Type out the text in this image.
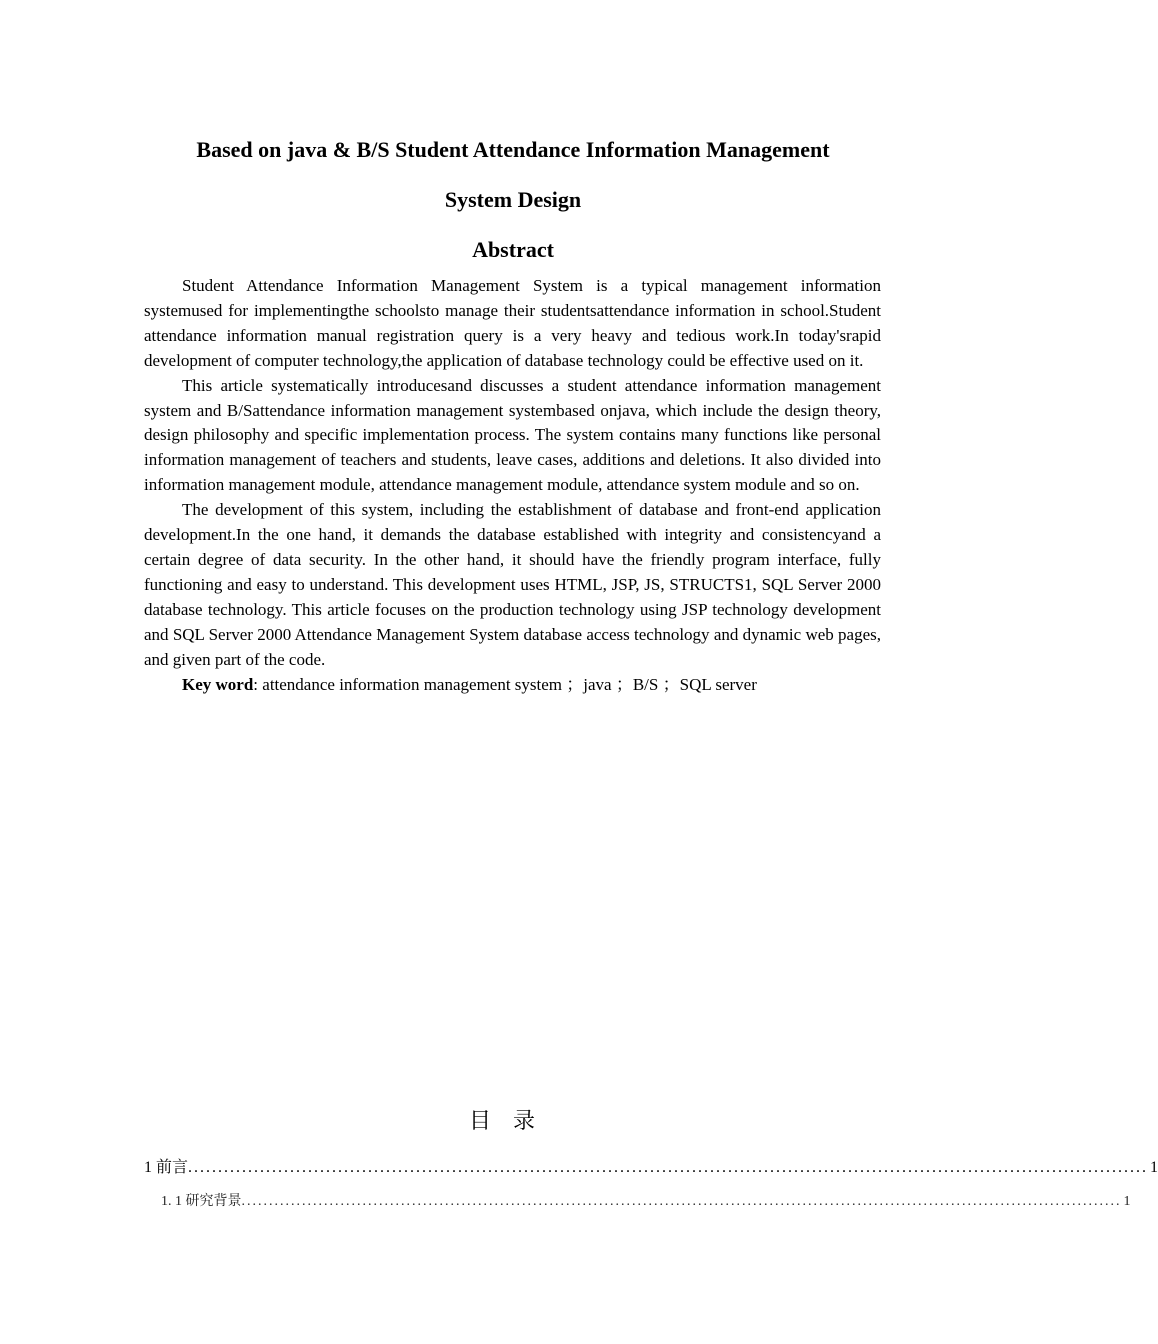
Based on java & B/S Student Attendance Information Management
System Design
Abstract

Student Attendance Information Management System is a typical management information systemused for implementingthe schoolsto manage their studentsattendance information in school.Student attendance information manual registration query is a very heavy and tedious work.In today'srapid development of computer technology,the application of database technology could be effective used on it.

This article systematically introducesand discusses a student attendance information management system and B/Sattendance information management systembased onjava, which include the design theory, design philosophy and specific implementation process. The system contains many functions like personal information management of teachers and students, leave cases, additions and deletions. It also divided into information management module, attendance management module, attendance system module and so on.

The development of this system, including the establishment of database and front-end application development.In the one hand, it demands the database established with integrity and consistencyand a certain degree of data security. In the other hand, it should have the friendly program interface, fully functioning and easy to understand. This development uses HTML, JSP, JS, STRUCTS1, SQL Server 2000 database technology. This article focuses on the production technology using JSP technology development and SQL Server 2000 Attendance Management System database access technology and dynamic web pages, and given part of the code.

Key word: attendance information management system ；java ；B/S ；SQL server

目录
1 前言 ................................................................................................................................................................ 1
1. 1 研究背景 ................................................................................................................................................................ 1
